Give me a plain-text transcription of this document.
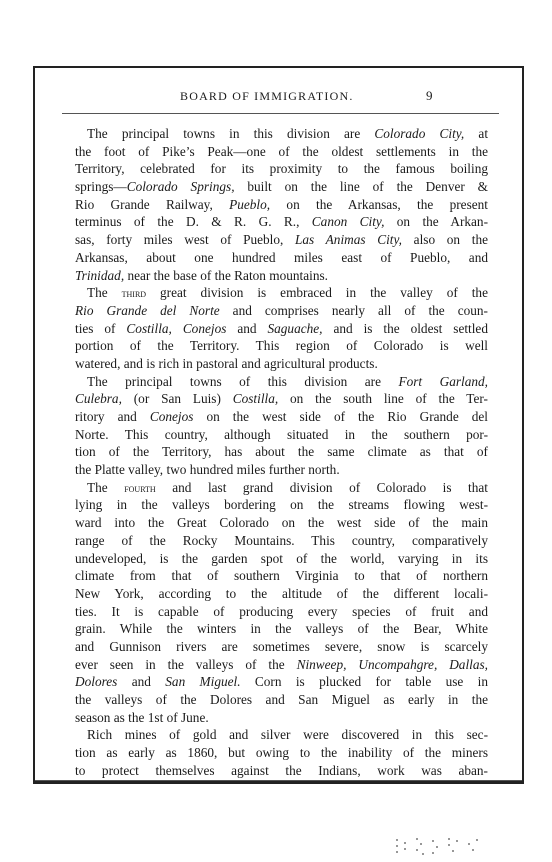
BOARD OF IMMIGRATION.	9
The principal towns in this division are Colorado City, at
the foot of Pike’s Peak—one of the oldest settlements in the
Territory, celebrated for its proximity to the famous boiling
springs—Colorado Springs, built on the line of the Denver &
Rio Grande Railway, Pueblo, on the Arkansas, the present
terminus of the D. & R. G. R., Canon City, on the Arkan-
sas, forty miles west of Pueblo, Las Animas City, also on the
Arkansas, about one hundred miles east of Pueblo, and
Trinidad, near the base of the Raton mountains.
The third great division is embraced in the valley of the
Rio Grande del Norte and comprises nearly all of the coun-
ties of Costilla, Conejos and Saguache, and is the oldest settled
portion of the Territory. This region of Colorado is well
watered, and is rich in pastoral and agricultural products.
The principal towns of this division are Fort Garland,
Culebra, (or San Luis) Costilla, on the south line of the Ter-
ritory and Conejos on the west side of the Rio Grande del
Norte. This country, although situated in the southern por-
tion of the Territory, has about the same climate as that of
the Platte valley, two hundred miles further north.
The fourth and last grand division of Colorado is that
lying in the valleys bordering on the streams flowing west-
ward into the Great Colorado on the west side of the main
range of the Rocky Mountains. This country, comparatively
undeveloped, is the garden spot of the world, varying in its
climate from that of southern Virginia to that of northern
New York, according to the altitude of the different locali-
ties. It is capable of producing every species of fruit and
grain. While the winters in the valleys of the Bear, White
and Gunnison rivers are sometimes severe, snow is scarcely
ever seen in the valleys of the Ninweep, Uncompahgre, Dallas,
Dolores and San Miguel. Corn is plucked for table use in
the valleys of the Dolores and San Miguel as early in the
season as the 1st of June.
Rich mines of gold and silver were discovered in this sec-
tion as early as 1860, but owing to the inability of the miners
to protect themselves against the Indians, work was aban-
